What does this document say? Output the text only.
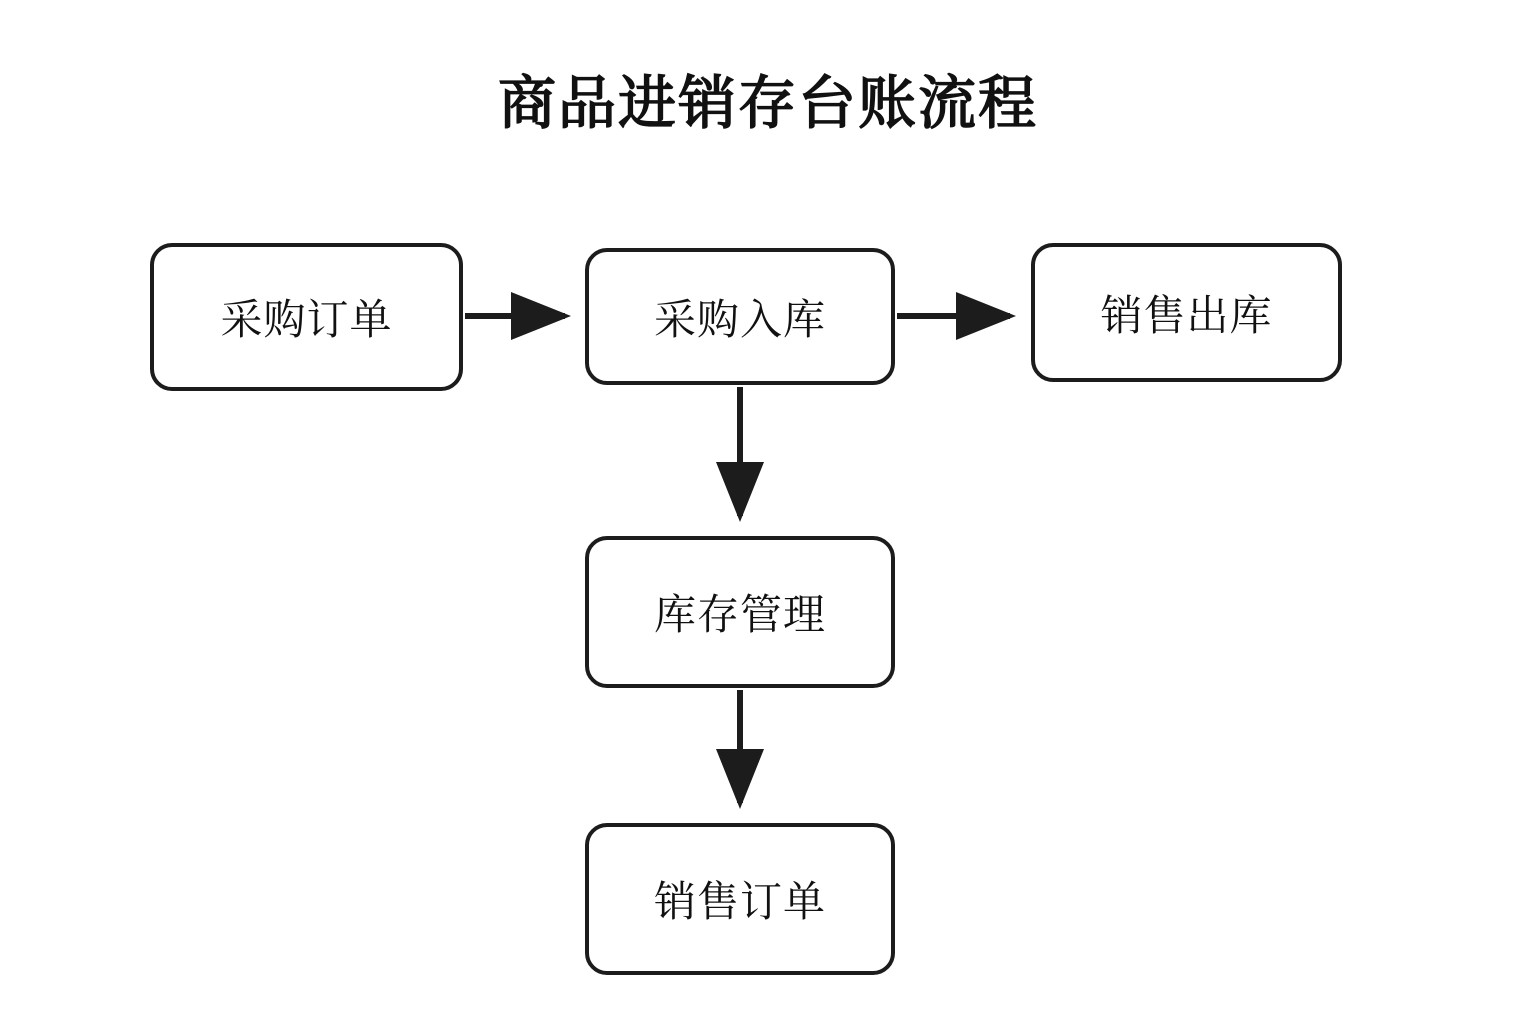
商品进销存台账流程
采购订单	采购入库	销售出库
库存管理
销售订单
